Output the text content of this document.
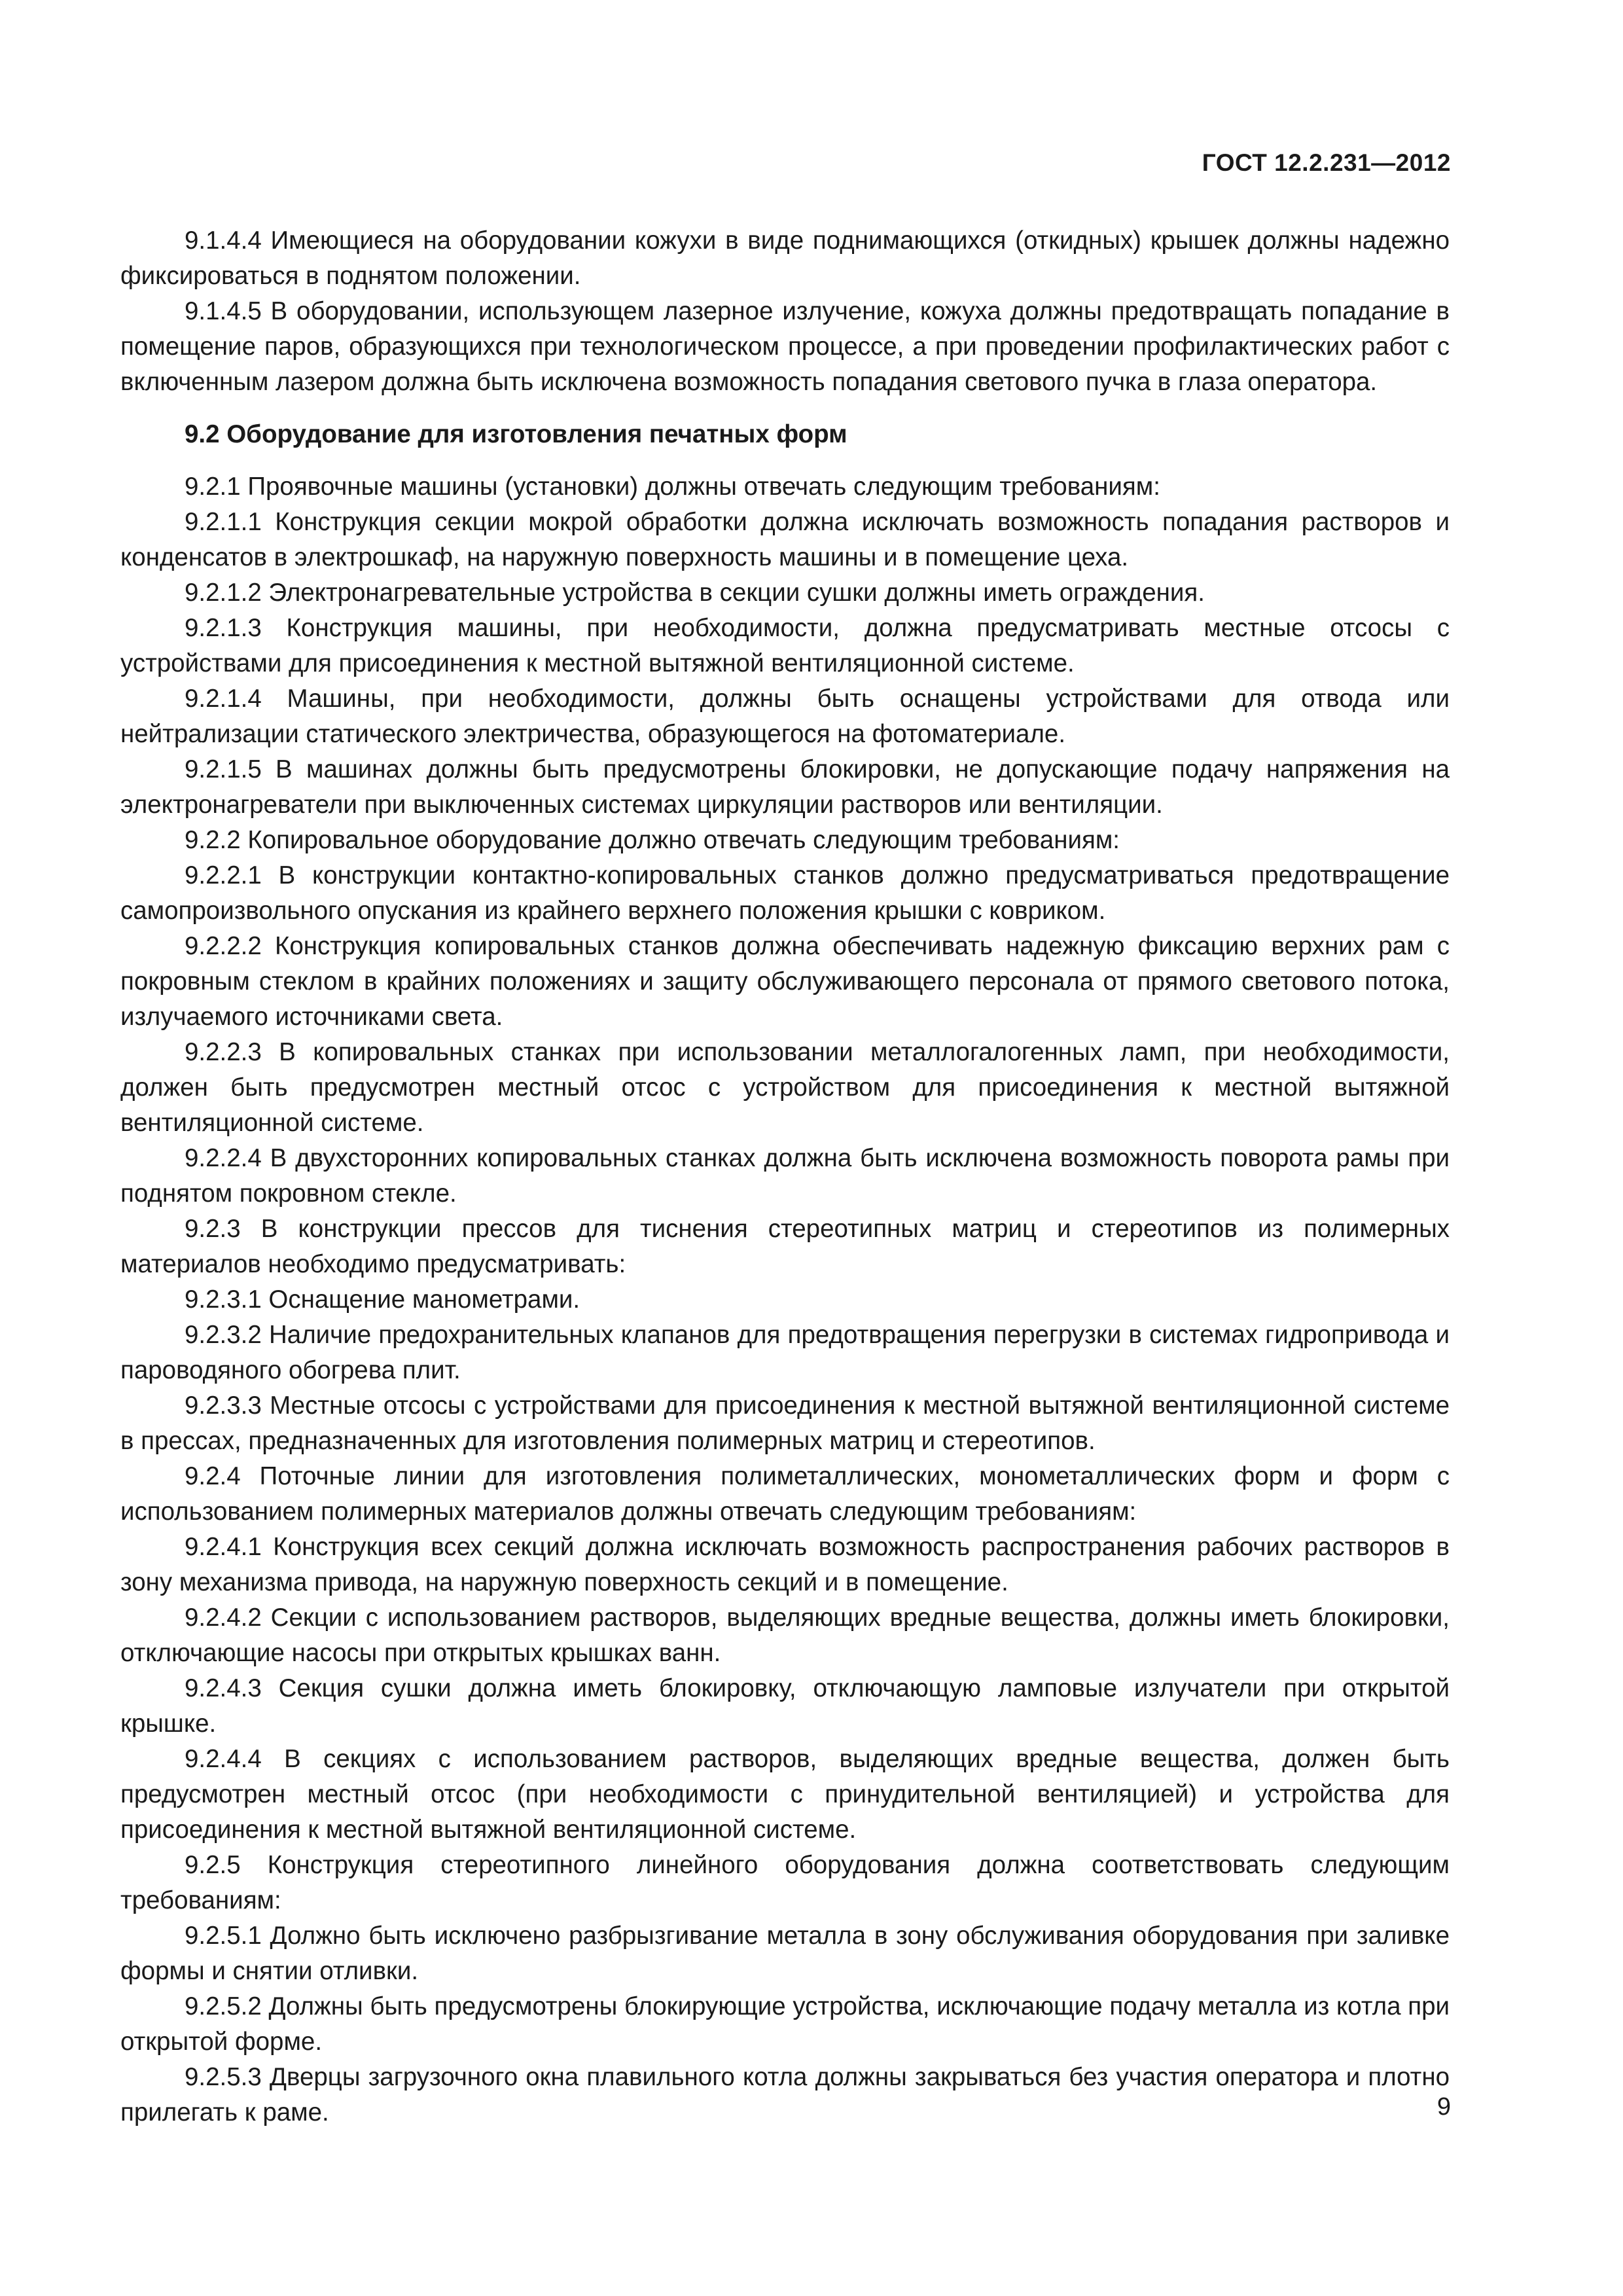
ГОСТ 12.2.231—2012

9.1.4.4 Имеющиеся на оборудовании кожухи в виде поднимающихся (откидных) крышек должны надежно фиксироваться в поднятом положении.

9.1.4.5 В оборудовании, использующем лазерное излучение, кожуха должны предотвращать попадание в помещение паров, образующихся при технологическом процессе, а при проведении профилактических работ с включенным лазером должна быть исключена возможность попадания светового пучка в глаза оператора.

9.2 Оборудование для изготовления печатных форм

9.2.1 Проявочные машины (установки) должны отвечать следующим требованиям:

9.2.1.1 Конструкция секции мокрой обработки должна исключать возможность попадания растворов и конденсатов в электрошкаф, на наружную поверхность машины и в помещение цеха.

9.2.1.2 Электронагревательные устройства в секции сушки должны иметь ограждения.

9.2.1.3 Конструкция машины, при необходимости, должна предусматривать местные отсосы с устройствами для присоединения к местной вытяжной вентиляционной системе.

9.2.1.4 Машины, при необходимости, должны быть оснащены устройствами для отвода или нейтрализации статического электричества, образующегося на фотоматериале.

9.2.1.5 В машинах должны быть предусмотрены блокировки, не допускающие подачу напряжения на электронагреватели при выключенных системах циркуляции растворов или вентиляции.

9.2.2 Копировальное оборудование должно отвечать следующим требованиям:

9.2.2.1 В конструкции контактно-копировальных станков должно предусматриваться предотвращение самопроизвольного опускания из крайнего верхнего положения крышки с ковриком.

9.2.2.2 Конструкция копировальных станков должна обеспечивать надежную фиксацию верхних рам с покровным стеклом в крайних положениях и защиту обслуживающего персонала от прямого светового потока, излучаемого источниками света.

9.2.2.3 В копировальных станках при использовании металлогалогенных ламп, при необходимости, должен быть предусмотрен местный отсос с устройством для присоединения к местной вытяжной вентиляционной системе.

9.2.2.4 В двухсторонних копировальных станках должна быть исключена возможность поворота рамы при поднятом покровном стекле.

9.2.3 В конструкции прессов для тиснения стереотипных матриц и стереотипов из полимерных материалов необходимо предусматривать:

9.2.3.1 Оснащение манометрами.

9.2.3.2 Наличие предохранительных клапанов для предотвращения перегрузки в системах гидропривода и пароводяного обогрева плит.

9.2.3.3 Местные отсосы с устройствами для присоединения к местной вытяжной вентиляционной системе в прессах, предназначенных для изготовления полимерных матриц и стереотипов.

9.2.4 Поточные линии для изготовления полиметаллических, монометаллических форм и форм с использованием полимерных материалов должны отвечать следующим требованиям:

9.2.4.1 Конструкция всех секций должна исключать возможность распространения рабочих растворов в зону механизма привода, на наружную поверхность секций и в помещение.

9.2.4.2 Секции с использованием растворов, выделяющих вредные вещества, должны иметь блокировки, отключающие насосы при открытых крышках ванн.

9.2.4.3 Секция сушки должна иметь блокировку, отключающую ламповые излучатели при открытой крышке.

9.2.4.4 В секциях с использованием растворов, выделяющих вредные вещества, должен быть предусмотрен местный отсос (при необходимости с принудительной вентиляцией) и устройства для присоединения к местной вытяжной вентиляционной системе.

9.2.5 Конструкция стереотипного линейного оборудования должна соответствовать следующим требованиям:

9.2.5.1 Должно быть исключено разбрызгивание металла в зону обслуживания оборудования при заливке формы и снятии отливки.

9.2.5.2 Должны быть предусмотрены блокирующие устройства, исключающие подачу металла из котла при открытой форме.

9.2.5.3 Дверцы загрузочного окна плавильного котла должны закрываться без участия оператора и плотно прилегать к раме.	9
